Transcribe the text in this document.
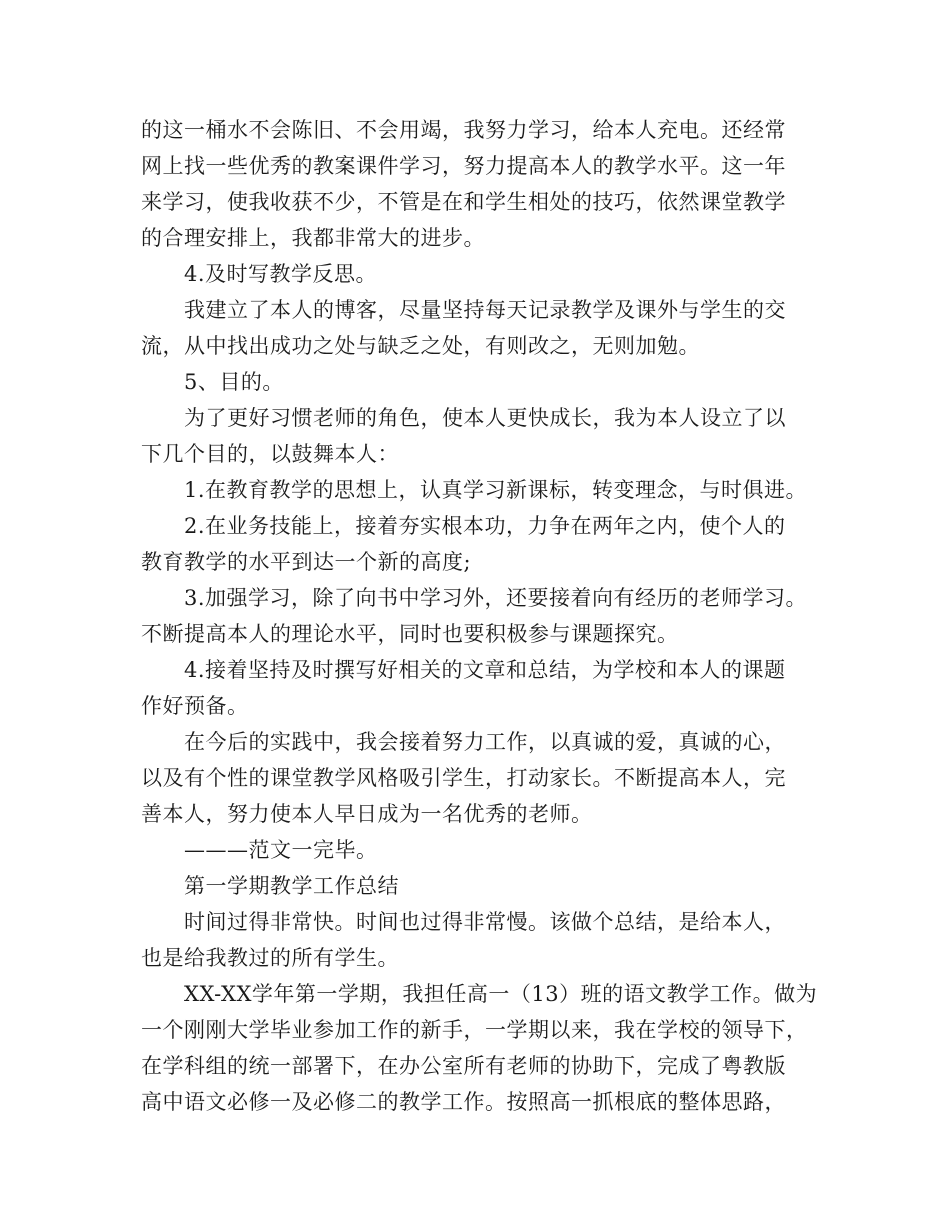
的这一桶水不会陈旧、不会用竭，我努力学习，给本人充电。还经常

网上找一些优秀的教案课件学习，努力提高本人的教学水平。这一年

来学习，使我收获不少，不管是在和学生相处的技巧，依然课堂教学

的合理安排上，我都非常大的进步。

4.及时写教学反思。

我建立了本人的博客，尽量坚持每天记录教学及课外与学生的交

流，从中找出成功之处与缺乏之处，有则改之，无则加勉。

5、目的。

为了更好习惯老师的角色，使本人更快成长，我为本人设立了以

下几个目的，以鼓舞本人：

1.在教育教学的思想上，认真学习新课标，转变理念，与时俱进。

2.在业务技能上，接着夯实根本功，力争在两年之内，使个人的

教育教学的水平到达一个新的高度;

3.加强学习，除了向书中学习外，还要接着向有经历的老师学习。

不断提高本人的理论水平，同时也要积极参与课题探究。

4.接着坚持及时撰写好相关的文章和总结，为学校和本人的课题

作好预备。

在今后的实践中，我会接着努力工作，以真诚的爱，真诚的心，

以及有个性的课堂教学风格吸引学生，打动家长。不断提高本人，完

善本人，努力使本人早日成为一名优秀的老师。

———范文一完毕。

第一学期教学工作总结

时间过得非常快。时间也过得非常慢。该做个总结，是给本人，

也是给我教过的所有学生。

XX-XX学年第一学期，我担任高一（13）班的语文教学工作。做为

一个刚刚大学毕业参加工作的新手，一学期以来，我在学校的领导下，

在学科组的统一部署下，在办公室所有老师的协助下，完成了粤教版

高中语文必修一及必修二的教学工作。按照高一抓根底的整体思路，
